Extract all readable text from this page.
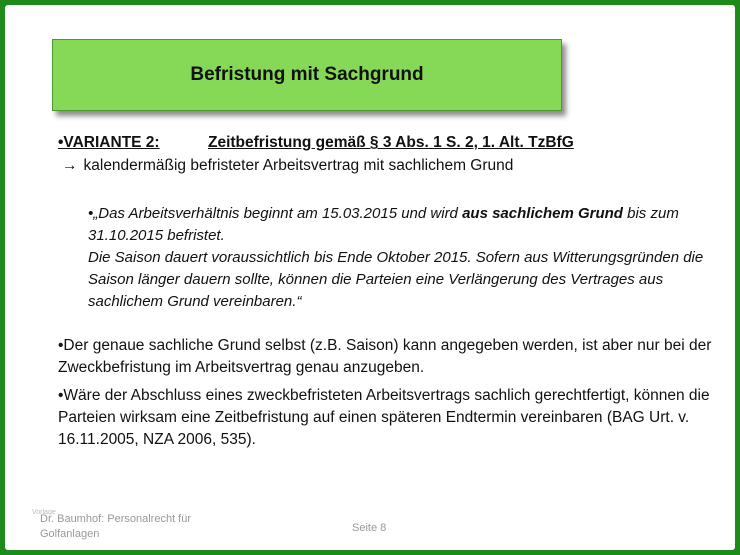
Befristung mit Sachgrund
•VARIANTE 2:	Zeitbefristung gemäß § 3 Abs. 1 S. 2, 1. Alt. TzBfG
→ kalendermäßig befristeter Arbeitsvertrag mit sachlichem Grund

•„Das Arbeitsverhältnis beginnt am 15.03.2015 und wird aus sachlichem Grund bis zum 31.10.2015 befristet.

Die Saison dauert voraussichtlich bis Ende Oktober 2015. Sofern aus Witterungsgründen die Saison länger dauern sollte, können die Parteien eine Verlängerung des Vertrages aus sachlichem Grund vereinbaren.“

•Der genaue sachliche Grund selbst (z.B. Saison) kann angegeben werden, ist aber nur bei der Zweckbefristung im Arbeitsvertrag genau anzugeben.
•Wäre der Abschluss eines zweckbefristeten Arbeitsvertrags sachlich gerechtfertigt, können die Parteien wirksam eine Zeitbefristung auf einen späteren Endtermin vereinbaren (BAG Urt. v. 16.11.2005, NZA 2006, 535).
Vorlage
Dr. Baumhof: Personalrecht für Golfanlagen	Seite 8
